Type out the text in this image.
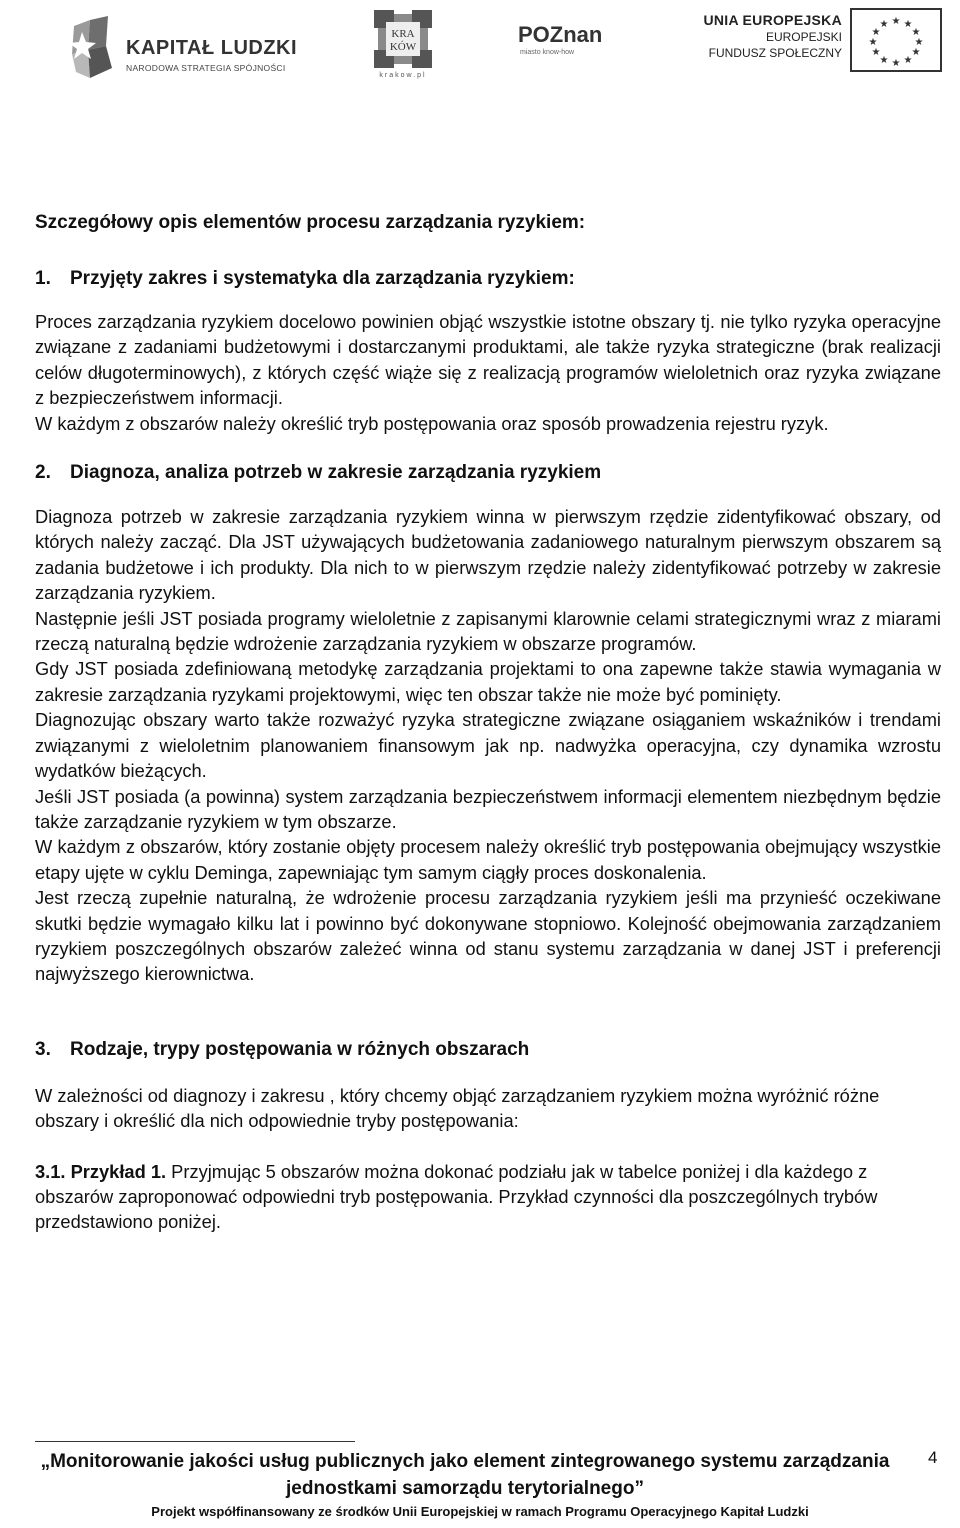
KAPITAŁ LUDZKI
NARODOWA STRATEGIA SPÓJNOŚCI
KRA
KÓW
krakow.pl
POZnan
miasto know-how
UNIA EUROPEJSKA
EUROPEJSKI
FUNDUSZ SPOŁECZNY
★ ★
★
★
★
★
★
★
★
★
★
★
Szczegółowy opis elementów procesu zarządzania ryzykiem:
1. Przyjęty zakres i systematyka dla zarządzania ryzykiem:

Proces zarządzania ryzykiem docelowo powinien objąć wszystkie istotne obszary tj. nie tylko ryzyka operacyjne związane z zadaniami budżetowymi i dostarczanymi produktami, ale także ryzyka strategiczne (brak realizacji celów długoterminowych), z których część wiąże się z realizacją programów wieloletnich oraz ryzyka związane z bezpieczeństwem informacji.

W każdym z obszarów należy określić tryb postępowania oraz sposób prowadzenia rejestru ryzyk.

2. Diagnoza, analiza potrzeb w zakresie zarządzania ryzykiem

Diagnoza potrzeb w zakresie zarządzania ryzykiem winna w pierwszym rzędzie zidentyfikować obszary, od których należy zacząć. Dla JST używających budżetowania zadaniowego naturalnym pierwszym obszarem są zadania budżetowe i ich produkty. Dla nich to w pierwszym rzędzie należy zidentyfikować potrzeby w zakresie zarządzania ryzykiem.

Następnie jeśli JST posiada programy wieloletnie z zapisanymi klarownie celami strategicznymi wraz z miarami rzeczą naturalną będzie wdrożenie zarządzania ryzykiem w obszarze programów.

Gdy JST posiada zdefiniowaną metodykę zarządzania projektami to ona zapewne także stawia wymagania w zakresie zarządzania ryzykami projektowymi, więc ten obszar także nie może być pominięty.

Diagnozując obszary warto także rozważyć ryzyka strategiczne związane osiąganiem wskaźników i trendami związanymi z wieloletnim planowaniem finansowym jak np. nadwyżka operacyjna, czy dynamika wzrostu wydatków bieżących.

Jeśli JST posiada (a powinna) system zarządzania bezpieczeństwem informacji elementem niezbędnym będzie także zarządzanie ryzykiem w tym obszarze.

W każdym z obszarów, który zostanie objęty procesem należy określić tryb postępowania obejmujący wszystkie etapy ujęte w cyklu Deminga, zapewniając tym samym ciągły proces doskonalenia.

Jest rzeczą zupełnie naturalną, że wdrożenie procesu zarządzania ryzykiem jeśli ma przynieść oczekiwane skutki będzie wymagało kilku lat i powinno być dokonywane stopniowo. Kolejność obejmowania zarządzaniem ryzykiem poszczególnych obszarów zależeć winna od stanu systemu zarządzania w danej JST i preferencji najwyższego kierownictwa.

3. Rodzaje, trypy postępowania w różnych obszarach

W zależności od diagnozy i zakresu , który chcemy objąć zarządzaniem ryzykiem można wyróżnić różne obszary i określić dla nich odpowiednie tryby postępowania:

3.1. Przykład 1. Przyjmując 5 obszarów można dokonać podziału jak w tabelce poniżej i dla każdego z obszarów zaproponować odpowiedni tryb postępowania. Przykład czynności dla poszczególnych trybów przedstawiono poniżej.

„Monitorowanie jakości usług publicznych jako element zintegrowanego systemu zarządzania jednostkami samorządu terytorialnego”
4
Projekt współfinansowany ze środków Unii Europejskiej w ramach Programu Operacyjnego Kapitał Ludzki
